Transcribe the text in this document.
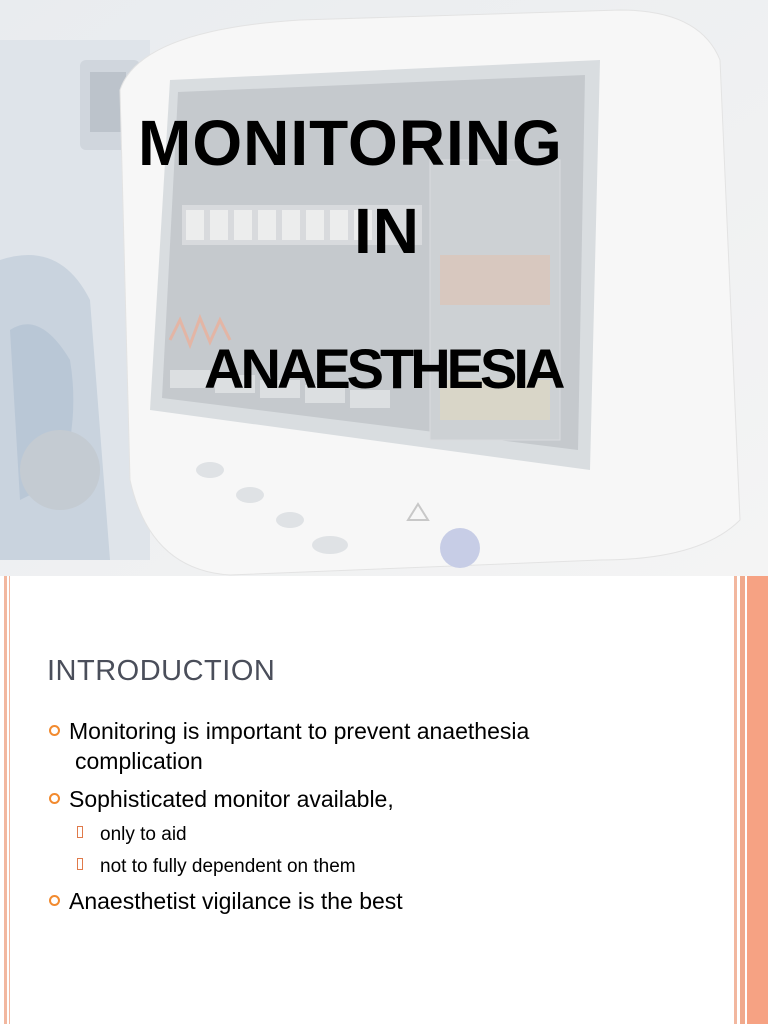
MONITORING
IN
ANAESTHESIA
INTRODUCTION
Monitoring is important to prevent anaethesia
complication
Sophisticated monitor available,
only to aid
not to fully dependent on them
Anaesthetist vigilance is the best
